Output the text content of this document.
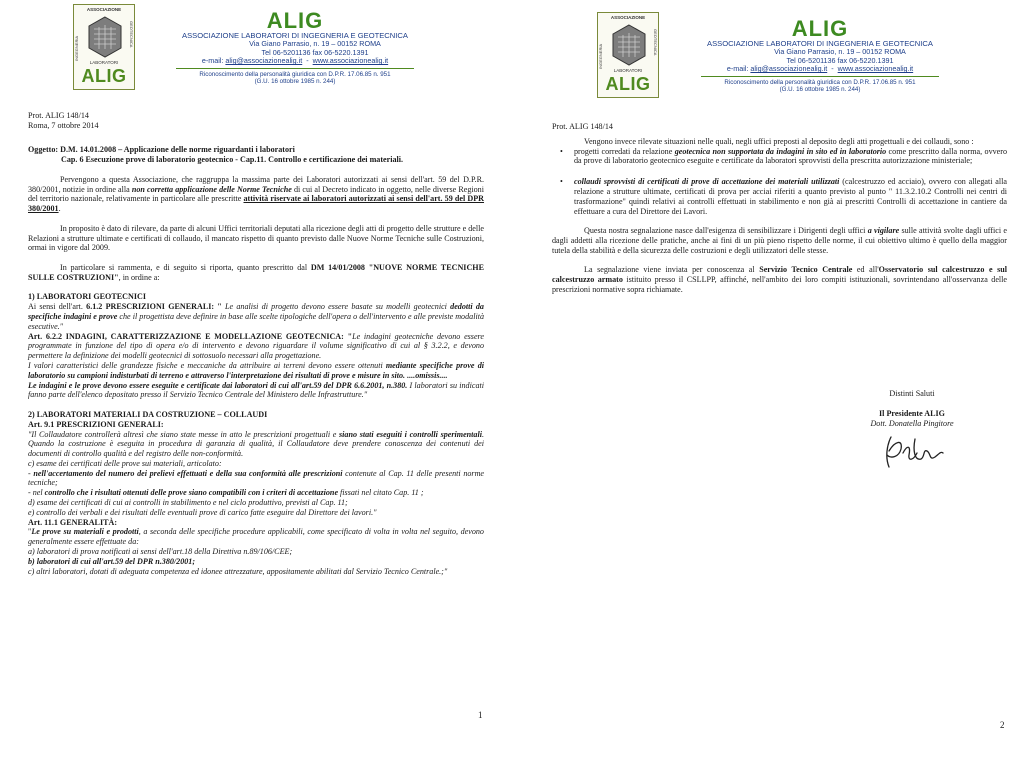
ASSOCIAZIONE
INGEGNERIA
GEOTECNICA
LABORATORI
ALIG
ALIG
ASSOCIAZIONE LABORATORI DI INGEGNERIA E GEOTECNICA
Via Giano Parrasio, n. 19 – 00152 ROMA
Tel 06-5201136 fax 06-5220.1391
e-mail: alig@associazionealig.it - www.associazionealig.it
Riconoscimento della personalità giuridica con D.P.R. 17.06.85 n. 951
(G.U. 16 ottobre 1985 n. 244)

Prot. ALIG 148/14

Roma, 7 ottobre 2014

Oggetto: D.M. 14.01.2008 – Applicazione delle norme riguardanti i laboratori

Cap. 6 Esecuzione prove di laboratorio geotecnico - Cap.11. Controllo e certificazione dei materiali.

Pervengono a questa Associazione, che raggruppa la massima parte dei Laboratori autorizzati ai sensi dell'art. 59 del D.P.R. 380/2001, notizie in ordine alla non corretta applicazione delle Norme Tecniche di cui al Decreto indicato in oggetto, nelle diverse Regioni del territorio nazionale, relativamente in particolare alle prescritte attività riservate ai laboratori autorizzati ai sensi dell'art. 59 del DPR 380/2001.

In proposito è dato di rilevare, da parte di alcuni Uffici territoriali deputati alla ricezione degli atti di progetto delle strutture e delle Relazioni a strutture ultimate e certificati di collaudo, il mancato rispetto di quanto previsto dalle Nuove Norme Tecniche sulle Costruzioni, ormai in vigore dal 2009.

In particolare si rammenta, e di seguito si riporta, quanto prescritto dal DM 14/01/2008 "NUOVE NORME TECNICHE SULLE COSTRUZIONI", in ordine a:

1) LABORATORI GEOTECNICI

Ai sensi dell'art. 6.1.2 PRESCRIZIONI GENERALI: " Le analisi di progetto devono essere basate su modelli geotecnici dedotti da specifiche indagini e prove che il progettista deve definire in base alle scelte tipologiche dell'opera o dell'intervento e alle previste modalità esecutive."

Art. 6.2.2 INDAGINI, CARATTERIZZAZIONE E MODELLAZIONE GEOTECNICA: "Le indagini geotecniche devono essere programmate in funzione del tipo di opera e/o di intervento e devono riguardare il volume significativo di cui al § 3.2.2, e devono permettere la definizione dei modelli geotecnici di sottosuolo necessari alla progettazione.

I valori caratteristici delle grandezze fisiche e meccaniche da attribuire ai terreni devono essere ottenuti mediante specifiche prove di laboratorio su campioni indisturbati di terreno e attraverso l'interpretazione dei risultati di prove e misure in sito. ....omissis....

Le indagini e le prove devono essere eseguite e certificate dai laboratori di cui all'art.59 del DPR 6.6.2001, n.380. I laboratori su indicati fanno parte dell'elenco depositato presso il Servizio Tecnico Centrale del Ministero delle Infrastrutture."

2) LABORATORI MATERIALI DA COSTRUZIONE – COLLAUDI

Art. 9.1 PRESCRIZIONI GENERALI:

"Il Collaudatore controllerà altresì che siano state messe in atto le prescrizioni progettuali e siano stati eseguiti i controlli sperimentali. Quando la costruzione è eseguita in procedura di garanzia di qualità, il Collaudatore deve prendere conoscenza dei contenuti dei documenti di controllo qualità e del registro delle non-conformità.

c) esame dei certificati delle prove sui materiali, articolato:

- nell'accertamento del numero dei prelievi effettuati e della sua conformità alle prescrizioni contenute al Cap. 11 delle presenti norme tecniche;

- nel controllo che i risultati ottenuti delle prove siano compatibili con i criteri di accettazione fissati nel citato Cap. 11 ;

d) esame dei certificati di cui ai controlli in stabilimento e nel ciclo produttivo, previsti al Cap. 11;

e) controllo dei verbali e dei risultati delle eventuali prove di carico fatte eseguire dal Direttore dei lavori."

Art. 11.1 GENERALITÀ:

"Le prove su materiali e prodotti, a seconda delle specifiche procedure applicabili, come specificato di volta in volta nel seguito, devono generalmente essere effettuate da:

a) laboratori di prova notificati ai sensi dell'art.18 della Direttiva n.89/106/CEE;

b) laboratori di cui all'art.59 del DPR n.380/2001;

c) altri laboratori, dotati di adeguata competenza ed idonee attrezzature, appositamente abilitati dal Servizio Tecnico Centrale.;"

1
ASSOCIAZIONE
INGEGNERIA
GEOTECNICA
LABORATORI
ALIG
ALIG
ASSOCIAZIONE LABORATORI DI INGEGNERIA E GEOTECNICA
Via Giano Parrasio, n. 19 – 00152 ROMA
Tel 06-5201136 fax 06-5220.1391
e-mail: alig@associazionealig.it - www.associazionealig.it
Riconoscimento della personalità giuridica con D.P.R. 17.06.85 n. 951
(G.U. 16 ottobre 1985 n. 244)

Prot. ALIG 148/14

Vengono invece rilevate situazioni nelle quali, negli uffici preposti al deposito degli atti progettuali e dei collaudi, sono :

• progetti corredati da relazione geotecnica non supportata da indagini in sito ed in laboratorio come prescritto dalla norma, ovvero da prove di laboratorio geotecnico eseguite e certificate da laboratori sprovvisti della prescritta autorizzazione ministeriale;
• collaudi sprovvisti di certificati di prove di accettazione dei materiali utilizzati (calcestruzzo ed acciaio), ovvero con allegati alla relazione a strutture ultimate, certificati di prova per acciai riferiti a quanto previsto al punto " 11.3.2.10.2 Controlli nei centri di trasformazione" quindi relativi ai controlli effettuati in stabilimento e non già ai prescritti Controlli di accettazione in cantiere da effettuare a cura del Direttore dei Lavori.

Questa nostra segnalazione nasce dall'esigenza di sensibilizzare i Dirigenti degli uffici a vigilare sulle attività svolte dagli uffici e dagli addetti alla ricezione delle pratiche, anche ai fini di un più pieno rispetto delle norme, il cui obiettivo ultimo è quello della maggior tutela della stabilità e della sicurezza delle costruzioni e degli utilizzatori delle stesse.

La segnalazione viene inviata per conoscenza al Servizio Tecnico Centrale ed all'Osservatorio sul calcestruzzo e sul calcestruzzo armato istituito presso il CSLLPP, affinché, nell'ambito dei loro compiti istituzionali, sovrintendano all'osservanza delle prescrizioni normative sopra richiamate.

Distinti Saluti
Il Presidente ALIG
Dott. Donatella Pingitore
2
